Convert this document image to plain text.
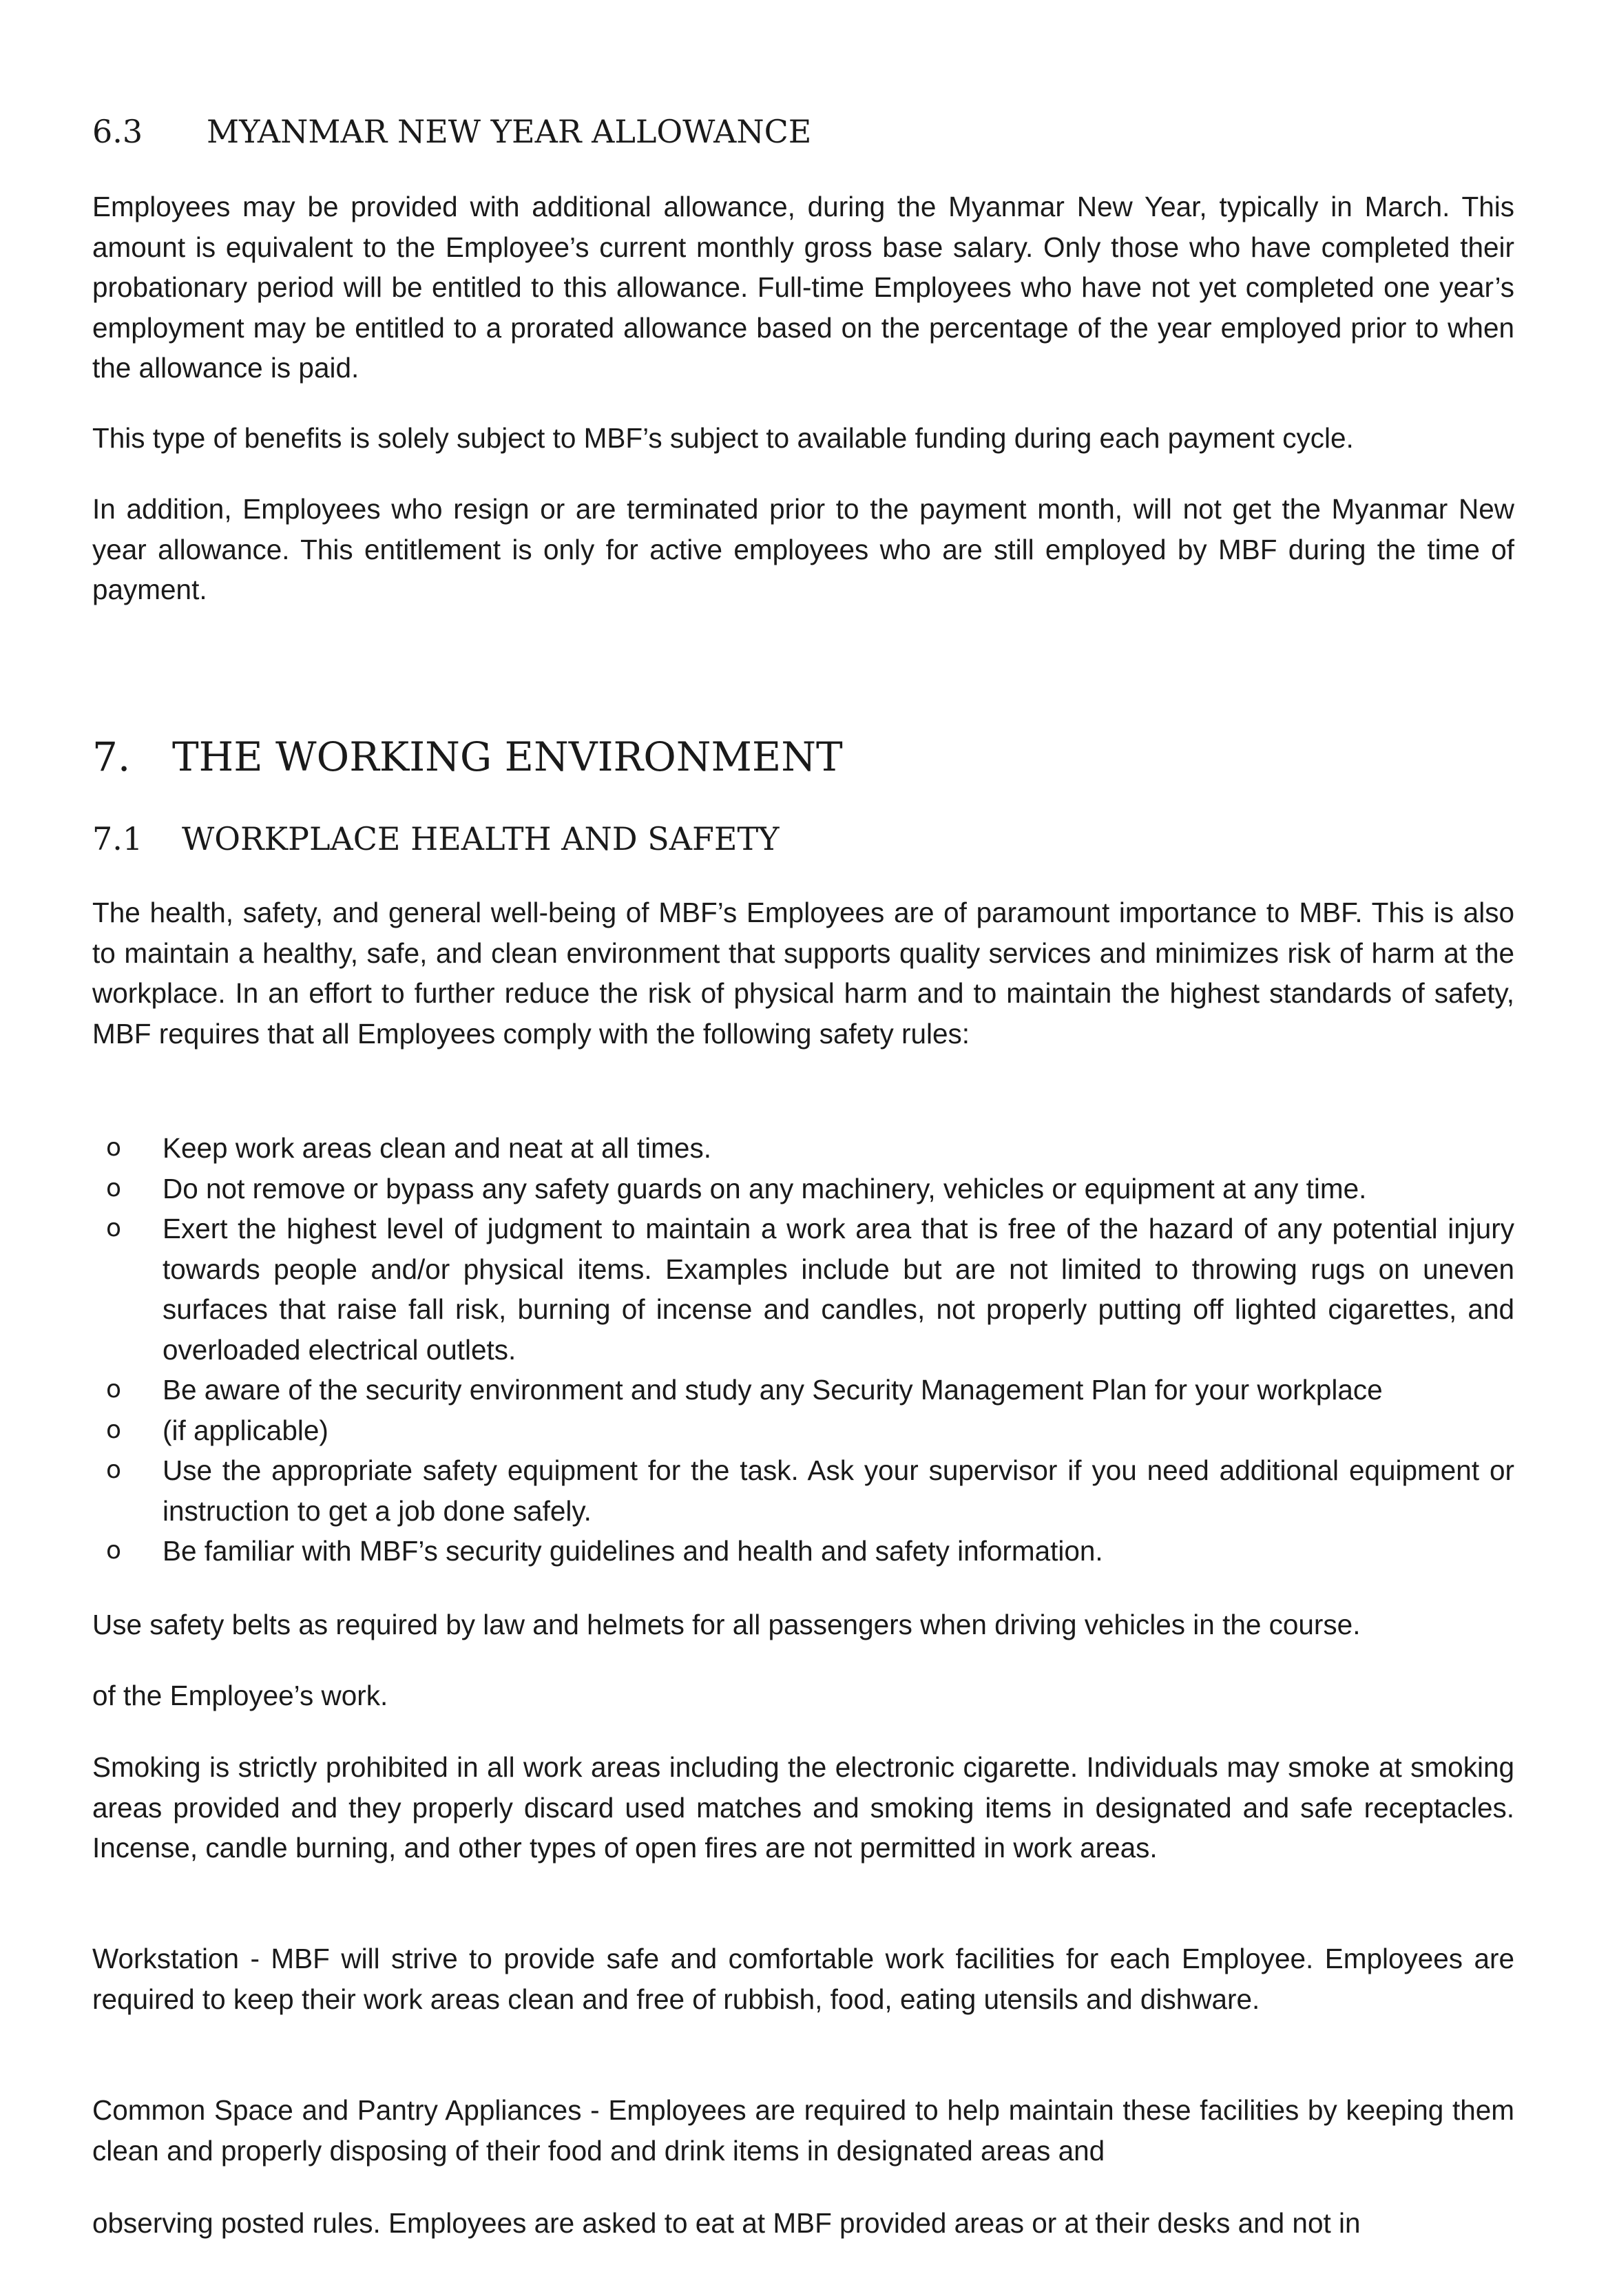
6.3	MYANMAR NEW YEAR ALLOWANCE

Employees may be provided with additional allowance, during the Myanmar New Year, typically in March. This amount is equivalent to the Employee’s current monthly gross base salary. Only those who have completed their probationary period will be entitled to this allowance. Full-time Employees who have not yet completed one year’s employment may be entitled to a prorated allowance based on the percentage of the year employed prior to when the allowance is paid.

This type of benefits is solely subject to MBF’s subject to available funding during each payment cycle.

In addition, Employees who resign or are terminated prior to the payment month, will not get the Myanmar New year allowance. This entitlement is only for active employees who are still employed by MBF during the time of payment.

7.	THE WORKING ENVIRONMENT
7.1	WORKPLACE HEALTH AND SAFETY

The health, safety, and general well-being of MBF’s Employees are of paramount importance to MBF. This is also to maintain a healthy, safe, and clean environment that supports quality services and minimizes risk of harm at the workplace. In an effort to further reduce the risk of physical harm and to maintain the highest standards of safety, MBF requires that all Employees comply with the following safety rules:

o Keep work areas clean and neat at all times.
o Do not remove or bypass any safety guards on any machinery, vehicles or equipment at any time.
o Exert the highest level of judgment to maintain a work area that is free of the hazard of any potential injury towards people and/or physical items. Examples include but are not limited to throwing rugs on uneven surfaces that raise fall risk, burning of incense and candles, not properly putting off lighted cigarettes, and overloaded electrical outlets.
o Be aware of the security environment and study any Security Management Plan for your workplace
o (if applicable)
o Use the appropriate safety equipment for the task. Ask your supervisor if you need additional equipment or instruction to get a job done safely.
o Be familiar with MBF’s security guidelines and health and safety information.

Use safety belts as required by law and helmets for all passengers when driving vehicles in the course.

of the Employee’s work.

Smoking is strictly prohibited in all work areas including the electronic cigarette. Individuals may smoke at smoking areas provided and they properly discard used matches and smoking items in designated and safe receptacles. Incense, candle burning, and other types of open fires are not permitted in work areas.

Workstation - MBF will strive to provide safe and comfortable work facilities for each Employee. Employees are required to keep their work areas clean and free of rubbish, food, eating utensils and dishware.

Common Space and Pantry Appliances - Employees are required to help maintain these facilities by keeping them clean and properly disposing of their food and drink items in designated areas and

observing posted rules. Employees are asked to eat at MBF provided areas or at their desks and not in
